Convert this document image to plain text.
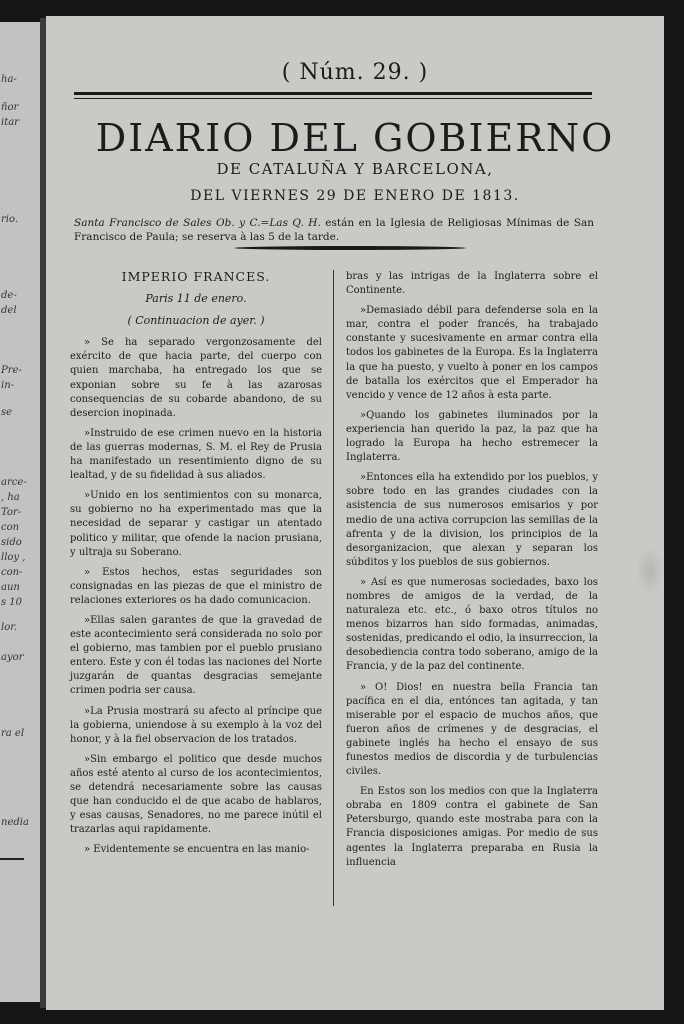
ha-
ñor
itar
rio.
de-
del
Pre-
in-
se
arce-
, ha
Tor-
con
sido
lloy ,
con-
aun
s 10
lor.
ayor
ra el
nedia
( Núm. 29. )
DIARIO DEL GOBIERNO
DE CATALUÑA Y BARCELONA,
DEL VIERNES 29 DE ENERO DE 1813.
Santa Francisco de Sales Ob. y C.=Las Q. H. están en la Iglesia de Religiosas Mínimas de San Francisco de Paula; se reserva à las 5 de la tarde.
IMPERIO FRANCES.
Paris 11 de enero.
( Continuacion de ayer. )

» Se ha separado vergonzosamente del exército de que hacia parte, del cuerpo con quien marchaba, ha entregado los que se exponian sobre su fe à las azarosas consequencias de su cobarde abandono, de su desercion inopinada.

»Instruido de ese crimen nuevo en la historia de las guerras modernas, S. M. el Rey de Prusia ha manifestado un resentimiento digno de su lealtad, y de su fidelidad à sus aliados.

»Unido en los sentimientos con su monarca, su gobierno no ha experimentado mas que la necesidad de separar y castigar un atentado politico y militar, que ofende la nacion prusiana, y ultraja su Soberano.

» Estos hechos, estas seguridades son consignadas en las piezas de que el ministro de relaciones exteriores os ha dado comunicacion.

»Ellas salen garantes de que la gravedad de este acontecimiento será considerada no solo por el gobierno, mas tambien por el pueblo prusiano entero. Este y con él todas las naciones del Norte juzgarán de quantas desgracias semejante crimen podria ser causa.

»La Prusia mostrará su afecto al príncipe que la gobierna, uniendose à su exemplo à la voz del honor, y à la fiel observacion de los tratados.

»Sin embargo el politico que desde muchos años esté atento al curso de los acontecimientos, se detendrá necesariamente sobre las causas que han conducido el de que acabo de hablaros, y esas causas, Senadores, no me parece inútil el trazarlas aqui rapidamente.

» Evidentemente se encuentra en las manio-

bras y las intrigas de la Inglaterra sobre el Continente.

»Demasiado débil para defenderse sola en la mar, contra el poder francés, ha trabajado constante y sucesivamente en armar contra ella todos los gabinetes de la Europa. Es la Inglaterra la que ha puesto, y vuelto à poner en los campos de batalla los exércitos que el Emperador ha vencido y vence de 12 años à esta parte.

»Quando los gabinetes iluminados por la experiencia han querido la paz, la paz que ha logrado la Europa ha hecho estremecer la Inglaterra.

»Entonces ella ha extendido por los pueblos, y sobre todo en las grandes ciudades con la asistencia de sus numerosos emisarios y por medio de una activa corrupcion las semillas de la afrenta y de la division, los principios de la desorganizacion, que alexan y separan los súbditos y los pueblos de sus gobiernos.

» Así es que numerosas sociedades, baxo los nombres de amigos de la verdad, de la naturaleza etc. etc., ó baxo otros títulos no menos bizarros han sido formadas, animadas, sostenidas, predicando el odio, la insurreccion, la desobediencia contra todo soberano, amigo de la Francia, y de la paz del continente.

» O! Dios! en nuestra bella Francia tan pacífica en el dia, entónces tan agitada, y tan miserable por el espacio de muchos años, que fueron años de crímenes y de desgracias, el gabinete inglés ha hecho el ensayo de sus funestos medios de discordia y de turbulencias civiles.

En Estos son los medios con que la Inglaterra obraba en 1809 contra el gabinete de San Petersburgo, quando este mostraba para con la Francia disposiciones amigas. Por medio de sus agentes la Inglaterra preparaba en Rusia la influencia
